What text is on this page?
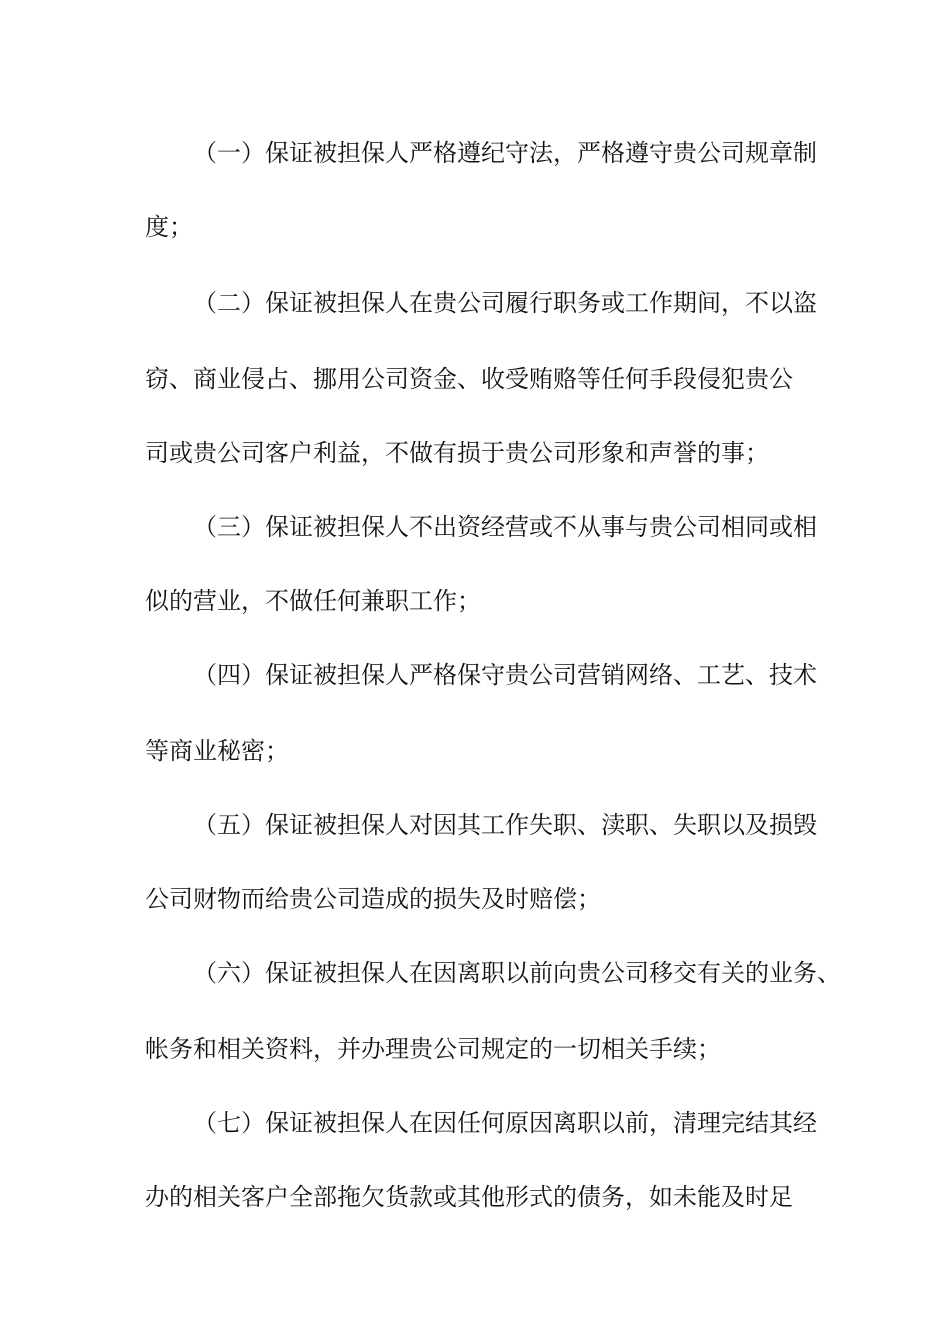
（一）保证被担保人严格遵纪守法，严格遵守贵公司规章制
度；
（二）保证被担保人在贵公司履行职务或工作期间，不以盗
窃、商业侵占、挪用公司资金、收受贿赂等任何手段侵犯贵公
司或贵公司客户利益，不做有损于贵公司形象和声誉的事；
（三）保证被担保人不出资经营或不从事与贵公司相同或相
似的营业，不做任何兼职工作；
（四）保证被担保人严格保守贵公司营销网络、工艺、技术
等商业秘密；
（五）保证被担保人对因其工作失职、渎职、失职以及损毁
公司财物而给贵公司造成的损失及时赔偿；
（六）保证被担保人在因离职以前向贵公司移交有关的业务、
帐务和相关资料，并办理贵公司规定的一切相关手续；
（七）保证被担保人在因任何原因离职以前，清理完结其经
办的相关客户全部拖欠货款或其他形式的债务，如未能及时足
